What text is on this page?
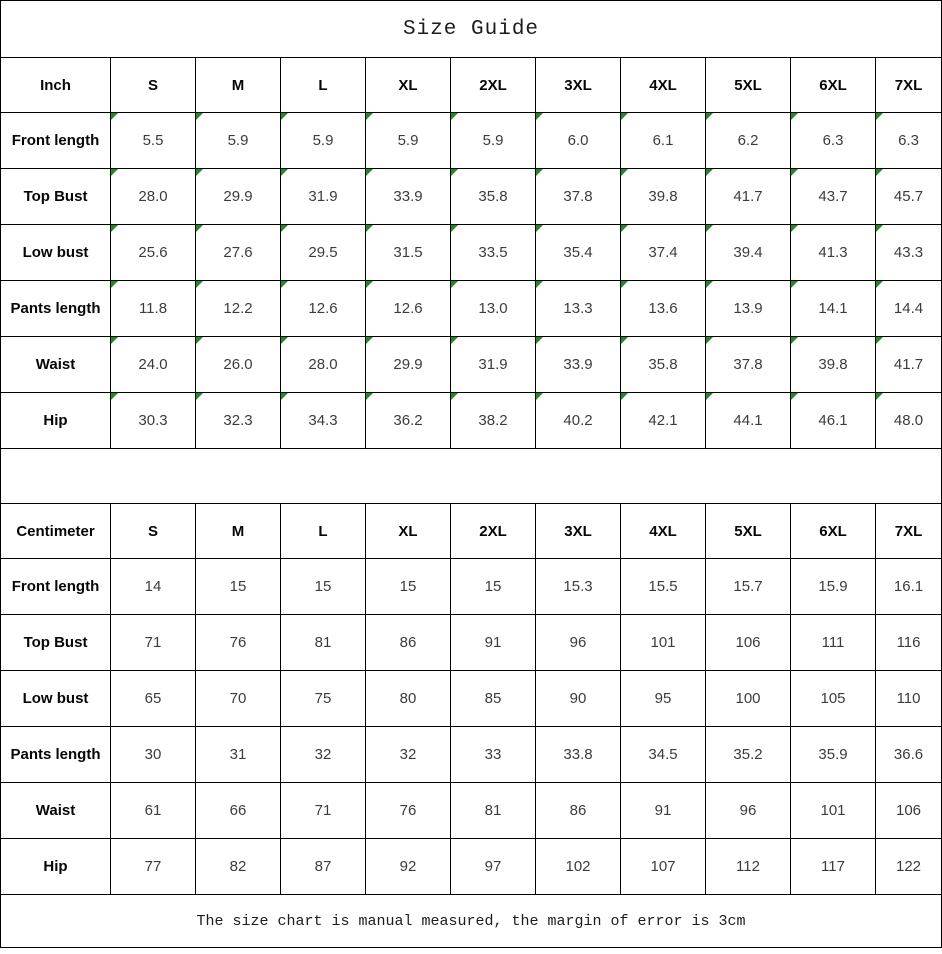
Size Guide										
Inch	S	M	L	XL	2XL	3XL	4XL	5XL	6XL	7XL
Front length	5.5	5.9	5.9	5.9	5.9	6.0	6.1	6.2	6.3	6.3
Top Bust	28.0	29.9	31.9	33.9	35.8	37.8	39.8	41.7	43.7	45.7
Low bust	25.6	27.6	29.5	31.5	33.5	35.4	37.4	39.4	41.3	43.3
Pants length	11.8	12.2	12.6	12.6	13.0	13.3	13.6	13.9	14.1	14.4
Waist	24.0	26.0	28.0	29.9	31.9	33.9	35.8	37.8	39.8	41.7
Hip	30.3	32.3	34.3	36.2	38.2	40.2	42.1	44.1	46.1	48.0

Centimeter	S	M	L	XL	2XL	3XL	4XL	5XL	6XL	7XL
Front length	14	15	15	15	15	15.3	15.5	15.7	15.9	16.1
Top Bust	71	76	81	86	91	96	101	106	111	116
Low bust	65	70	75	80	85	90	95	100	105	110
Pants length	30	31	32	32	33	33.8	34.5	35.2	35.9	36.6
Waist	61	66	71	76	81	86	91	96	101	106
Hip	77	82	87	92	97	102	107	112	117	122
The size chart is manual measured, the margin of error is 3cm										
